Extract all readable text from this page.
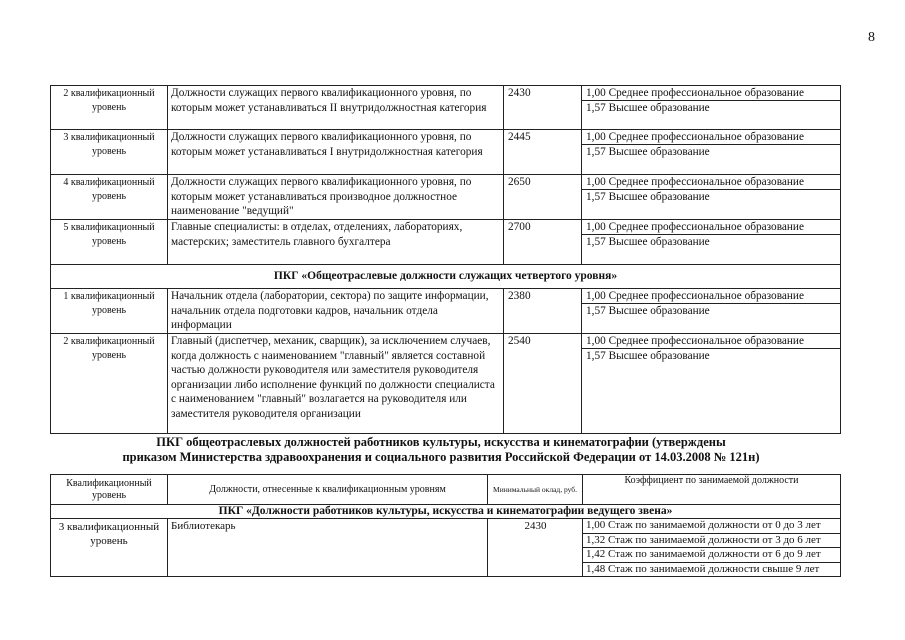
8
2 квалификационный уровень	Должности служащих первого квалификационного уровня, по которым может устанавливаться II внутридолжностная категория	2430	1,00 Среднее профессиональное образование
1,57 Высшее образование

3 квалификационный уровень	Должности служащих первого квалификационного уровня, по которым может устанавливаться I внутридолжностная категория	2445	1,00 Среднее профессиональное образование
1,57 Высшее образование

4 квалификационный уровень	Должности служащих первого квалификационного уровня, по которым может устанавливаться производное должностное наименование "ведущий"	2650	1,00 Среднее профессиональное образование
1,57 Высшее образование

5 квалификационный уровень	Главные специалисты: в отделах, отделениях, лабораториях, мастерских; заместитель главного бухгалтера	2700	1,00 Среднее профессиональное образование
1,57 Высшее образование

ПКГ «Общеотраслевые должности служащих четвертого уровня»			
1 квалификационный уровень	Начальник отдела (лаборатории, сектора) по защите информации, начальник отдела подготовки кадров, начальник отдела информации	2380	1,00 Среднее профессиональное образование
1,57 Высшее образование

2 квалификационный уровень	Главный (диспетчер, механик, сварщик), за исключением случаев, когда должность с наименованием "главный" является составной частью должности руководителя или заместителя руководителя организации либо исполнение функций по должности специалиста с наименованием "главный" возлагается на руководителя или заместителя руководителя организации	2540	1,00 Среднее профессиональное образование
1,57 Высшее образование
ПКГ общеотраслевых должностей работников культуры, искусства и кинематографии (утверждены
приказом Министерства здравоохранения и социального развития Российской Федерации от 14.03.2008 № 121н)
Квалификационный уровень	Должности, отнесенные к квалификационным уровням	Минимальный оклад, руб.	Коэффициент по занимаемой должности
ПКГ «Должности работников культуры, искусства и кинематографии ведущего звена»			
3 квалификационный уровень	Библиотекарь	2430	1,00 Стаж по занимаемой должности от 0 до 3 лет
1,32 Стаж по занимаемой должности от 3 до 6 лет
1,42 Стаж по занимаемой должности от 6 до 9 лет
1,48 Стаж по занимаемой должности свыше 9 лет
